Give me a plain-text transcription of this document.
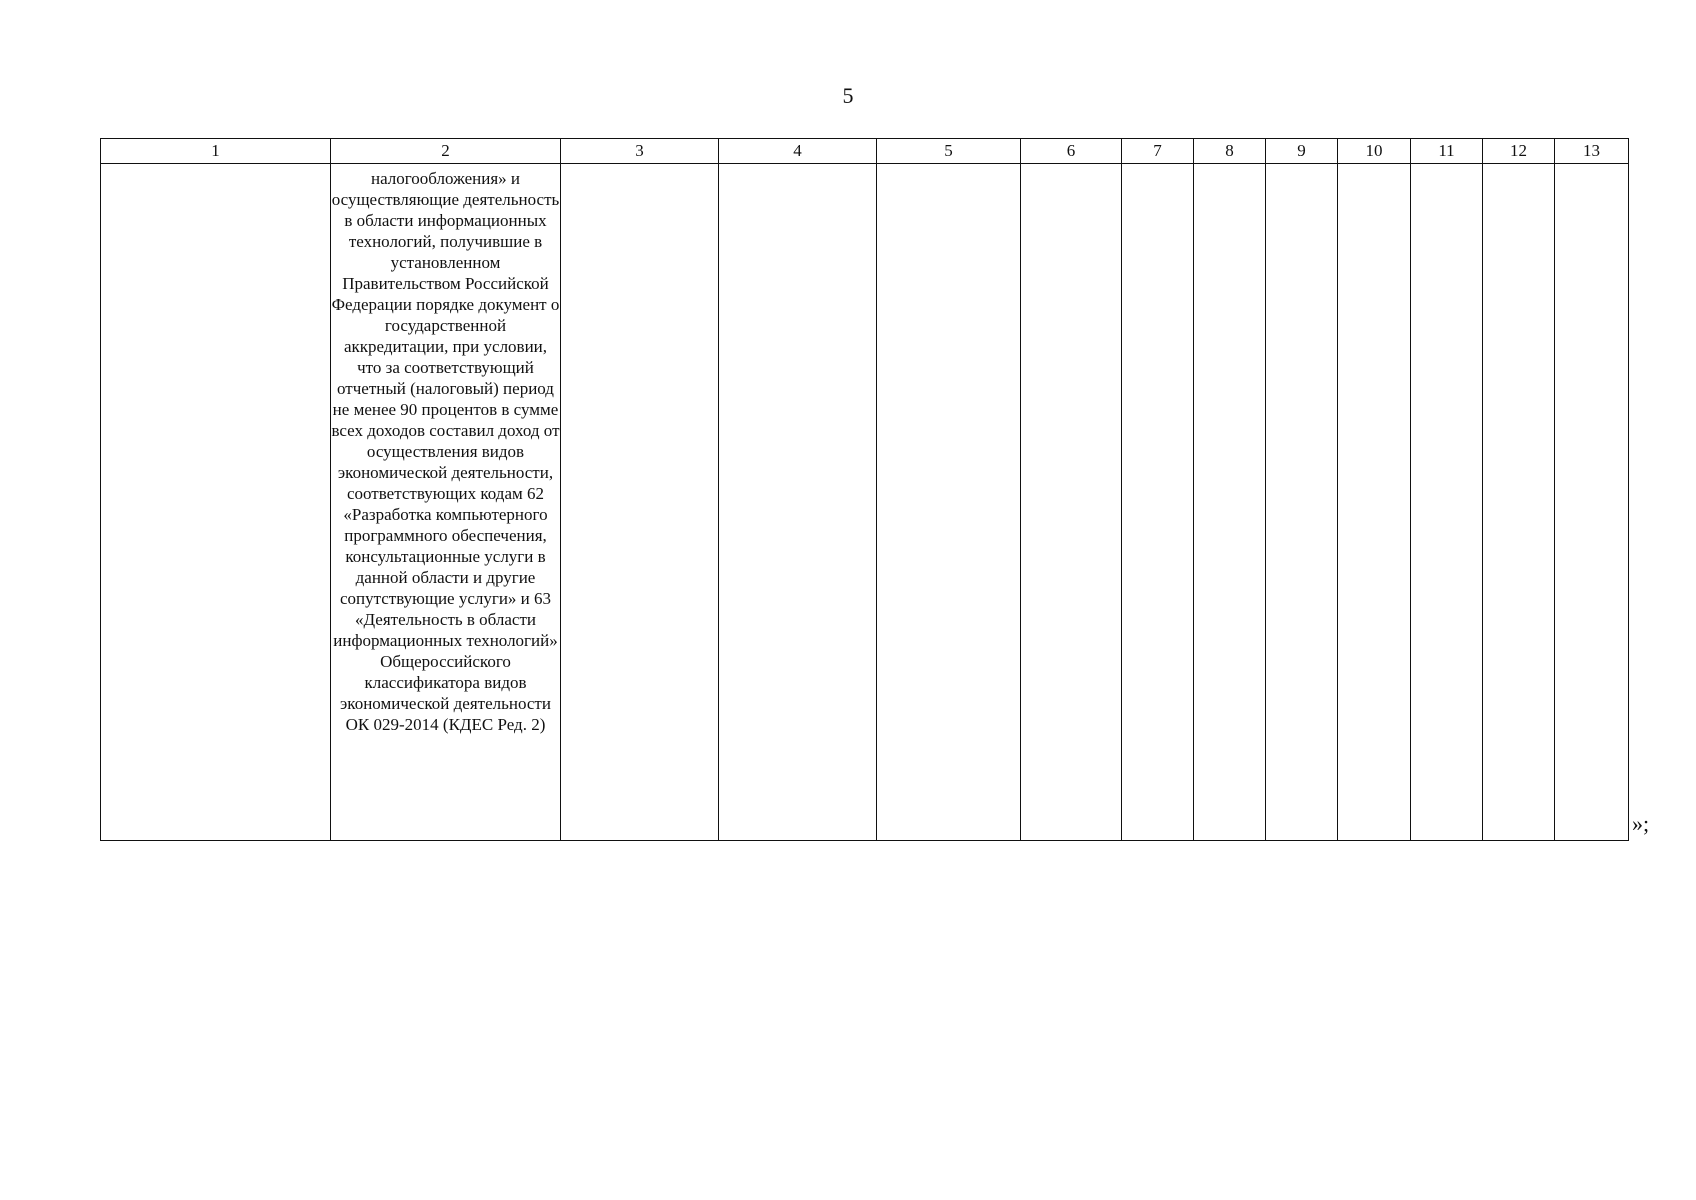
5
1	2	3	4	5	6	7	8	9	10	11	12	13
	налогообложения» и осуществляющие деятельность в области информационных технологий, получившие в установленном Правительством Российской Федерации порядке документ о государственной аккредитации, при условии, что за соответствующий отчетный (налоговый) период не менее 90 процентов в сумме всех доходов составил доход от осуществления видов экономической деятельности, соответствующих кодам 62 «Разработка компьютерного программного обеспечения, консультационные услуги в данной области и другие сопутствующие услуги» и 63 «Деятельность в области информационных технологий» Общероссийского классификатора видов экономической деятельности ОК 029-2014 (КДЕС Ред. 2)											
»;
